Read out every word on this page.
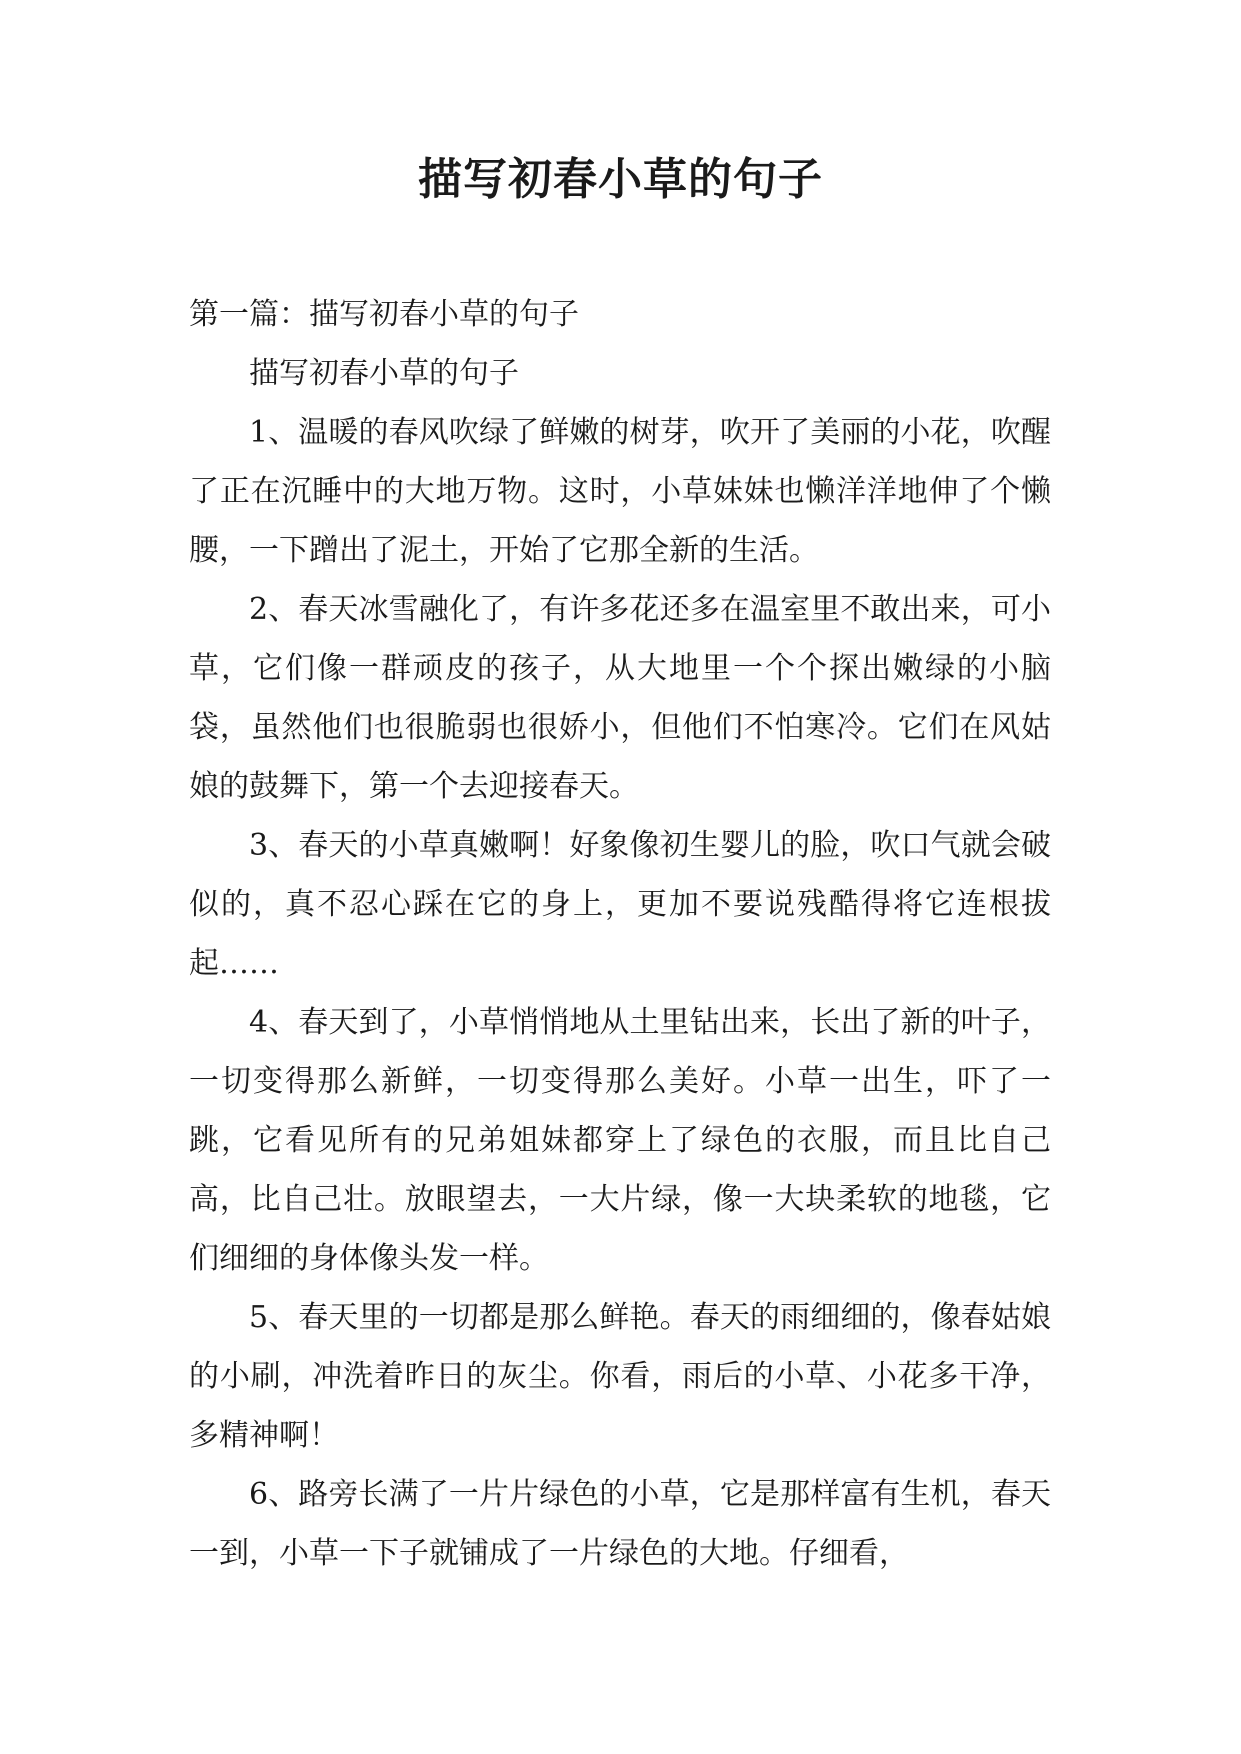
描写初春小草的句子

第一篇：描写初春小草的句子

描写初春小草的句子

1、温暖的春风吹绿了鲜嫩的树芽，吹开了美丽的小花，吹醒了正在沉睡中的大地万物。这时，小草妹妹也懒洋洋地伸了个懒腰，一下蹭出了泥土，开始了它那全新的生活。

2、春天冰雪融化了，有许多花还多在温室里不敢出来，可小草，它们像一群顽皮的孩子，从大地里一个个探出嫩绿的小脑袋，虽然他们也很脆弱也很娇小，但他们不怕寒冷。它们在风姑娘的鼓舞下，第一个去迎接春天。

3、春天的小草真嫩啊！好象像初生婴儿的脸，吹口气就会破似的，真不忍心踩在它的身上，更加不要说残酷得将它连根拔起……

4、春天到了，小草悄悄地从土里钻出来，长出了新的叶子，一切变得那么新鲜，一切变得那么美好。小草一出生，吓了一跳，它看见所有的兄弟姐妹都穿上了绿色的衣服，而且比自己高，比自己壮。放眼望去，一大片绿，像一大块柔软的地毯，它们细细的身体像头发一样。

5、春天里的一切都是那么鲜艳。春天的雨细细的，像春姑娘的小刷，冲洗着昨日的灰尘。你看，雨后的小草、小花多干净，多精神啊！

6、路旁长满了一片片绿色的小草，它是那样富有生机，春天一到，小草一下子就铺成了一片绿色的大地。仔细看，
